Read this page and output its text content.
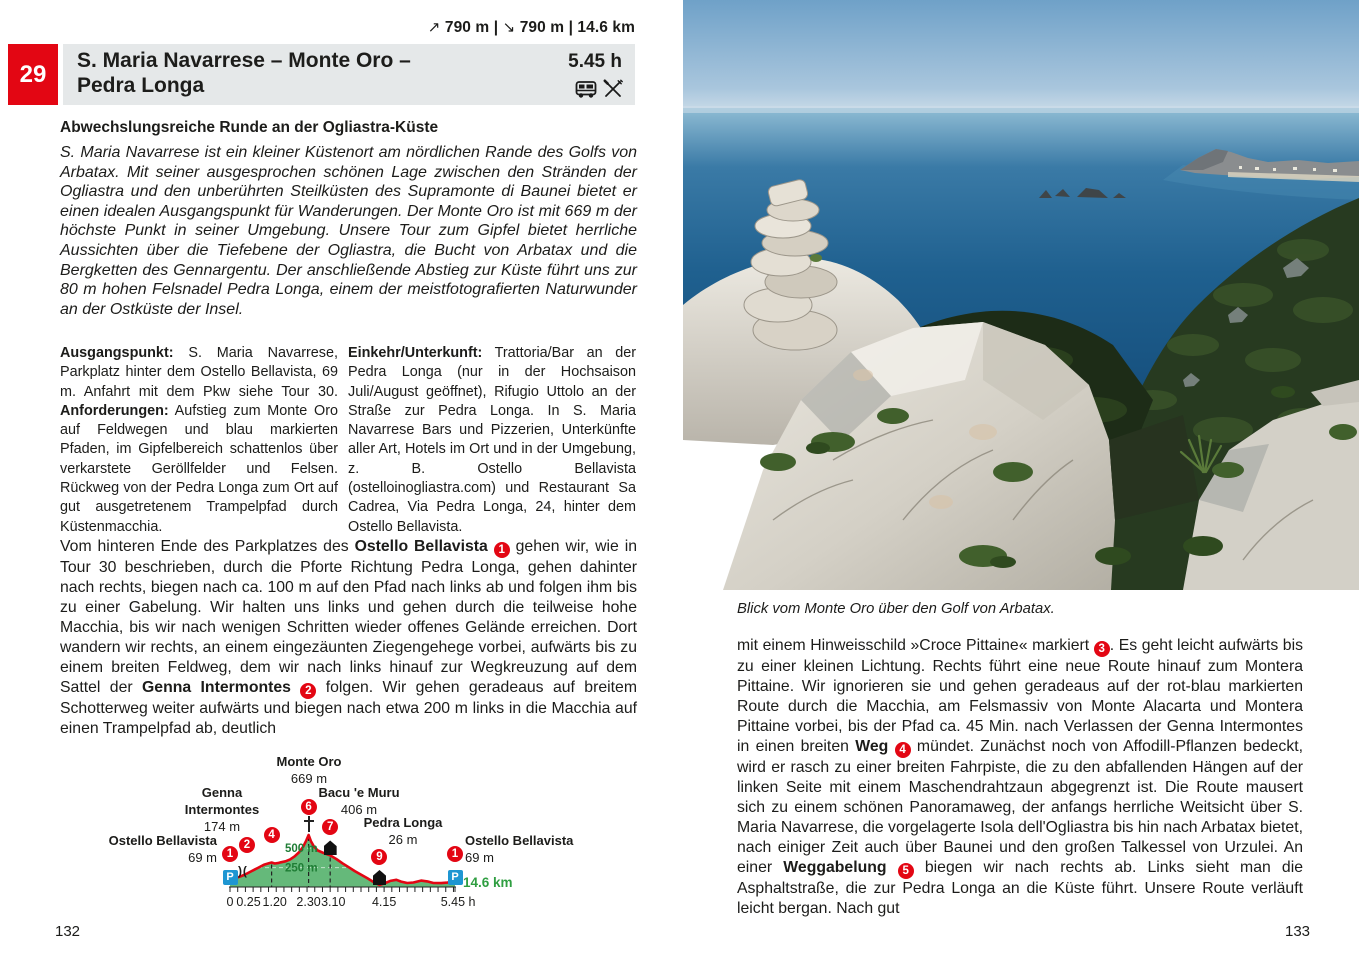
↗ 790 m | ↘ 790 m | 14.6 km
29	S. Maria Navarrese – Monte Oro –
Pedra Longa
5.45 h
Abwechslungsreiche Runde an der Ogliastra-Küste
S. Maria Navarrese ist ein kleiner Küstenort am nördlichen Rande des Golfs von Arbatax. Mit seiner ausgesprochen schönen Lage zwischen den Stränden der Ogliastra und den unberührten Steilküsten des Supramonte di Baunei bietet er einen idealen Ausgangspunkt für Wanderungen. Der Monte Oro ist mit 669 m der höchste Punkt in seiner Umgebung. Unsere Tour zum Gipfel bietet herrliche Aussichten über die Tiefebene der Ogliastra, die Bucht von Arbatax und die Bergketten des Gennargentu. Der anschließende Abstieg zur Küste führt uns zur 80 m hohen Felsnadel Pedra Longa, einem der meistfotografierten Naturwunder an der Ostküste der Insel.
Ausgangspunkt: S. Maria Navarrese, Parkplatz hinter dem Ostello Bellavista, 69 m. Anfahrt mit dem Pkw siehe Tour 30. Anforderungen: Aufstieg zum Monte Oro auf Feldwegen und blau markierten Pfaden, im Gipfelbereich schattenlos über verkarstete Geröllfelder und Felsen. Rückweg von der Pedra Longa zum Ort auf gut ausgetretenem Trampelpfad durch Küstenmacchia.
Einkehr/Unterkunft: Trattoria/Bar an der Pedra Longa (nur in der Hochsaison Juli/August geöffnet), Rifugio Uttolo an der Straße zur Pedra Longa. In S. Maria Navarrese Bars und Pizzerien, Unterkünfte aller Art, Hotels im Ort und in der Umgebung, z. B. Ostello Bellavista (ostelloinogliastra.com) und Restaurant Sa Cadrea, Via Pedra Longa, 24, hinter dem Ostello Bellavista.
Vom hinteren Ende des Parkplatzes des Ostello Bellavista 1 gehen wir, wie in Tour 30 beschrieben, durch die Pforte Richtung Pedra Longa, gehen dahinter nach rechts, biegen nach ca. 100 m auf den Pfad nach links ab und folgen ihm bis zu einer Gabelung. Wir halten uns links und gehen durch die teilweise hohe Macchia, bis wir nach wenigen Schritten wieder offenes Gelände erreichen. Dort wandern wir rechts, an einem eingezäunten Ziegengehege vorbei, aufwärts bis zu einem breiten Feldweg, dem wir nach links hinauf zur Wegkreuzung auf dem Sattel der Genna Intermontes 2 folgen. Wir gehen geradeaus auf breitem Schotterweg weiter aufwärts und biegen nach etwa 200 m links in die Macchia auf einen Trampelpfad ab, deutlich
500 m
250 m
P
1
Ostello Bellavista
69 m
)(
2
Genna
Intermontes
174 m
4
6
Monte Oro
669 m
7
Bacu 'e Muru
406 m
9
Pedra Longa
26 m
P
1
Ostello Bellavista
69 m
0 0.25 1.20 2.30 3.10	4.15	5.45 h
14.6 km
132
Blick vom Monte Oro über den Golf von Arbatax.
mit einem Hinweisschild »Croce Pittaine« markiert 3 . Es geht leicht aufwärts bis zu einer kleinen Lichtung. Rechts führt eine neue Route hinauf zum Montera Pittaine. Wir ignorieren sie und gehen geradeaus auf der rot-blau markierten Route durch die Macchia, am Felsmassiv von Monte Alacarta und Montera Pittaine vorbei, bis der Pfad ca. 45 Min. nach Verlassen der Genna Intermontes in einen breiten Weg 4 mündet. Zunächst noch von Affodill-Pflanzen bedeckt, wird er rasch zu einer breiten Fahrpiste, die zu den abfallenden Hängen auf der linken Seite mit einem Maschendrahtzaun abgegrenzt ist. Die Route mausert sich zu einem schönen Panoramaweg, der anfangs herrliche Weitsicht über S. Maria Navarrese, die vorgelagerte Isola dell'Ogliastra bis hin nach Arbatax bietet, nach einiger Zeit auch über Baunei und den großen Talkessel von Urzulei. An einer Weggabelung 5 biegen wir nach rechts ab. Links sieht man die Asphaltstraße, die zur Pedra Longa an die Küste führt. Unsere Route verläuft leicht bergan. Nach gut
133
